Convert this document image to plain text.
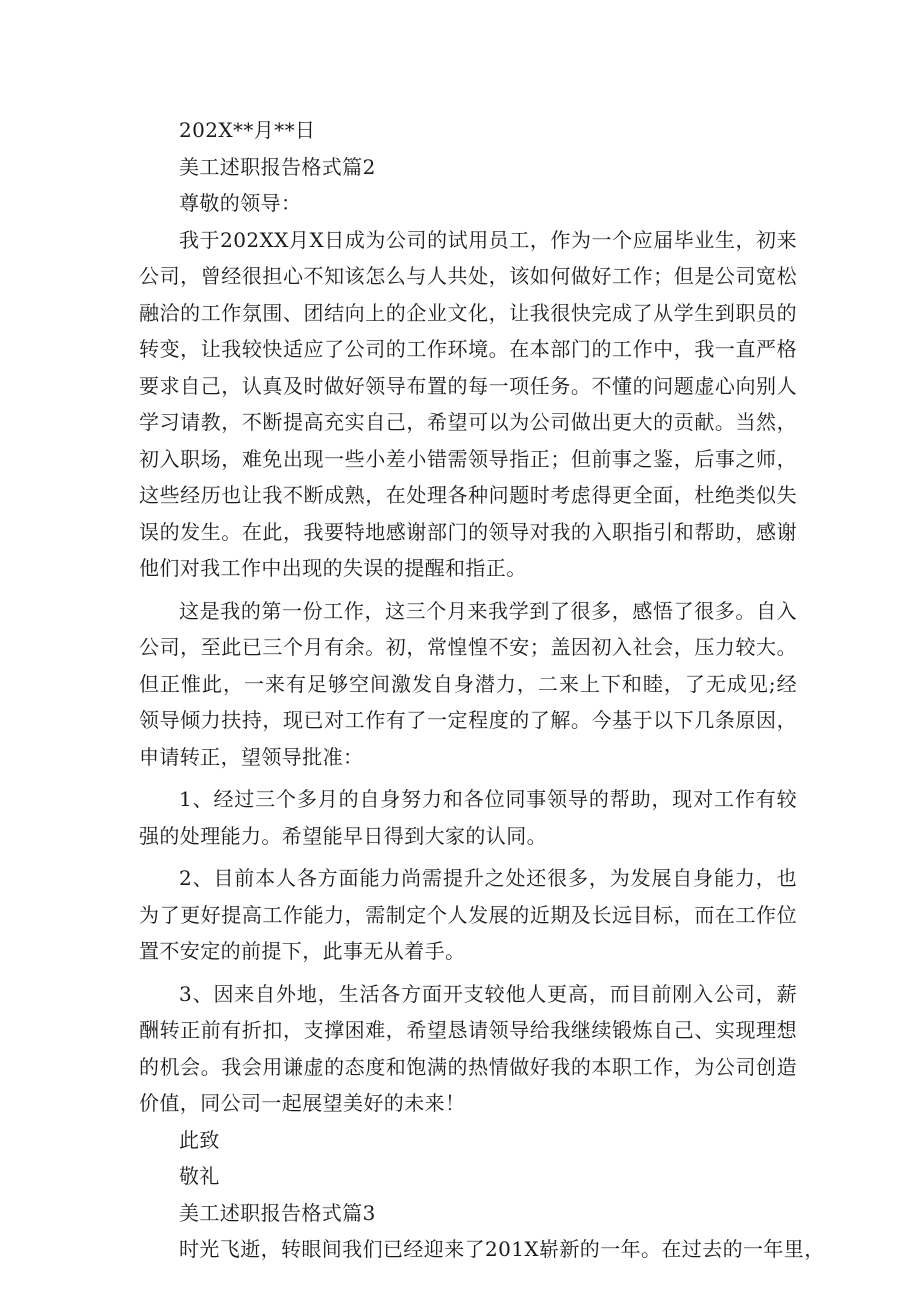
202X**月**日
美工述职报告格式篇2
尊敬的领导：

我于202XX月X日成为公司的试用员工，作为一个应届毕业生，初来公司，曾经很担心不知该怎么与人共处，该如何做好工作；但是公司宽松融洽的工作氛围、团结向上的企业文化，让我很快完成了从学生到职员的转变，让我较快适应了公司的工作环境。在本部门的工作中，我一直严格要求自己，认真及时做好领导布置的每一项任务。不懂的问题虚心向别人学习请教，不断提高充实自己，希望可以为公司做出更大的贡献。当然，初入职场，难免出现一些小差小错需领导指正；但前事之鉴，后事之师，这些经历也让我不断成熟，在处理各种问题时考虑得更全面，杜绝类似失误的发生。在此，我要特地感谢部门的领导对我的入职指引和帮助，感谢他们对我工作中出现的失误的提醒和指正。

这是我的第一份工作，这三个月来我学到了很多，感悟了很多。自入公司，至此已三个月有余。初，常惶惶不安；盖因初入社会，压力较大。但正惟此，一来有足够空间激发自身潜力，二来上下和睦，了无成见;经领导倾力扶持，现已对工作有了一定程度的了解。今基于以下几条原因，申请转正，望领导批准：

1、经过三个多月的自身努力和各位同事领导的帮助，现对工作有较强的处理能力。希望能早日得到大家的认同。

2、目前本人各方面能力尚需提升之处还很多，为发展自身能力，也为了更好提高工作能力，需制定个人发展的近期及长远目标，而在工作位置不安定的前提下，此事无从着手。

3、因来自外地，生活各方面开支较他人更高，而目前刚入公司，薪酬转正前有折扣，支撑困难，希望恳请领导给我继续锻炼自己、实现理想的机会。我会用谦虚的态度和饱满的热情做好我的本职工作，为公司创造价值，同公司一起展望美好的未来！

此致
敬礼
美工述职报告格式篇3
时光飞逝，转眼间我们已经迎来了201X崭新的一年。在过去的一年里，
